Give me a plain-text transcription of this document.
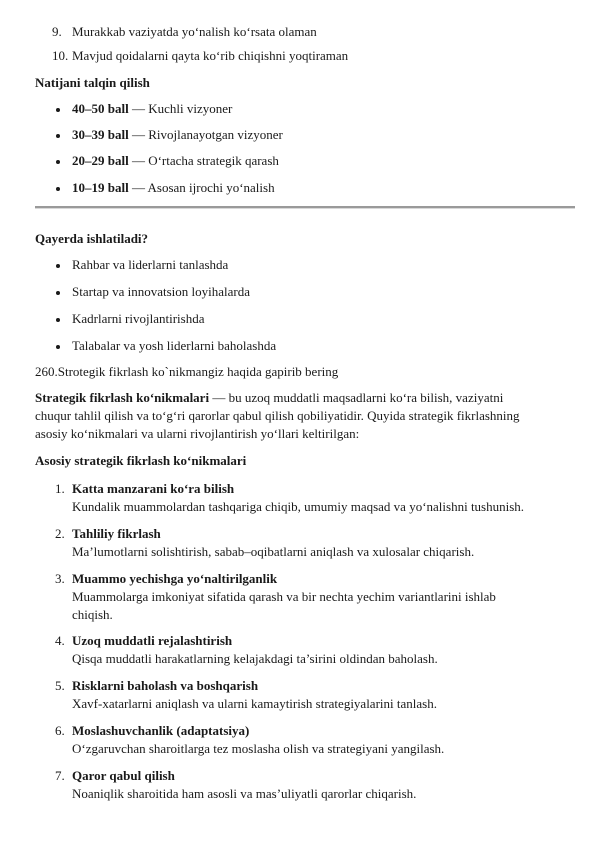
9. Murakkab vaziyatda yo‘nalish ko‘rsata olaman
10. Mavjud qoidalarni qayta ko‘rib chiqishni yoqtiraman
Natijani talqin qilish
40–50 ball — Kuchli vizyoner
30–39 ball — Rivojlanayotgan vizyoner
20–29 ball — O‘rtacha strategik qarash
10–19 ball — Asosan ijrochi yo‘nalish
Qayerda ishlatiladi?
Rahbar va liderlarni tanlashda
Startap va innovatsion loyihalarda
Kadrlarni rivojlantirishda
Talabalar va yosh liderlarni baholashda
260.Strotegik fikrlash ko`nikmangiz haqida gapirib bering
Strategik fikrlash ko‘nikmalari — bu uzoq muddatli maqsadlarni ko‘ra bilish, vaziyatni
chuqur tahlil qilish va to‘g‘ri qarorlar qabul qilish qobiliyatidir. Quyida strategik fikrlashning
asosiy ko‘nikmalari va ularni rivojlantirish yo‘llari keltirilgan:
Asosiy strategik fikrlash ko‘nikmalari
1. Katta manzarani ko‘ra bilish
Kundalik muammolardan tashqariga chiqib, umumiy maqsad va yo‘nalishni tushunish.
2. Tahliliy fikrlash
Ma’lumotlarni solishtirish, sabab–oqibatlarni aniqlash va xulosalar chiqarish.
3. Muammo yechishga yo‘naltirilganlik
Muammolarga imkoniyat sifatida qarash va bir nechta yechim variantlarini ishlab
chiqish.
4. Uzoq muddatli rejalashtirish
Qisqa muddatli harakatlarning kelajakdagi ta’sirini oldindan baholash.
5. Risklarni baholash va boshqarish
Xavf-xatarlarni aniqlash va ularni kamaytirish strategiyalarini tanlash.
6. Moslashuvchanlik (adaptatsiya)
O‘zgaruvchan sharoitlarga tez moslasha olish va strategiyani yangilash.
7. Qaror qabul qilish
Noaniqlik sharoitida ham asosli va mas’uliyatli qarorlar chiqarish.
